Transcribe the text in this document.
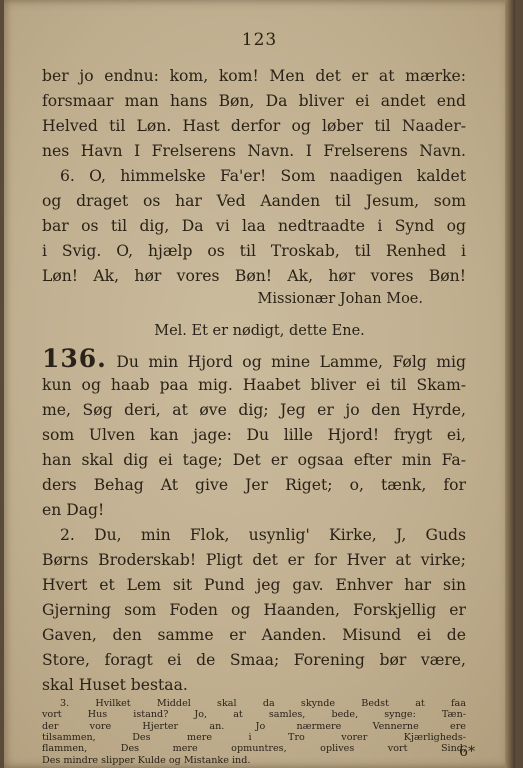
123
ber jo endnu: kom, kom! Men det er at mærke:
forsmaar man hans Bøn, Da bliver ei andet end
Helved til Løn. Hast derfor og løber til Naader-
nes Havn I Frelserens Navn. I Frelserens Navn.
6. O, himmelske Fa'er! Som naadigen kaldet
og draget os har Ved Aanden til Jesum, som
bar os til dig, Da vi laa nedtraadte i Synd og
i Svig. O, hjælp os til Troskab, til Renhed i
Løn! Ak, hør vores Bøn! Ak, hør vores Bøn!
Missionær Johan Moe.
Mel. Et er nødigt, dette Ene.
136. Du min Hjord og mine Lamme, Følg mig
kun og haab paa mig. Haabet bliver ei til Skam-
me, Søg deri, at øve dig; Jeg er jo den Hyrde,
som Ulven kan jage: Du lille Hjord! frygt ei,
han skal dig ei tage; Det er ogsaa efter min Fa-
ders Behag At give Jer Riget; o, tænk, for
en Dag!
2. Du, min Flok, usynlig' Kirke, J, Guds
Børns Broderskab! Pligt det er for Hver at virke;
Hvert et Lem sit Pund jeg gav. Enhver har sin
Gjerning som Foden og Haanden, Forskjellig er
Gaven, den samme er Aanden. Misund ei de
Store, foragt ei de Smaa; Forening bør være,
skal Huset bestaa.
3. Hvilket Middel skal da skynde Bedst at faa
vort Hus istand? Jo, at samles, bede, synge: Tæn-
der vore Hjerter an. Jo nærmere Vennerne ere
tilsammen, Des mere i Tro vorer Kjærligheds-
flammen, Des mere opmuntres, oplives vort Sind,
Des mindre slipper Kulde og Mistanke ind.	6*
